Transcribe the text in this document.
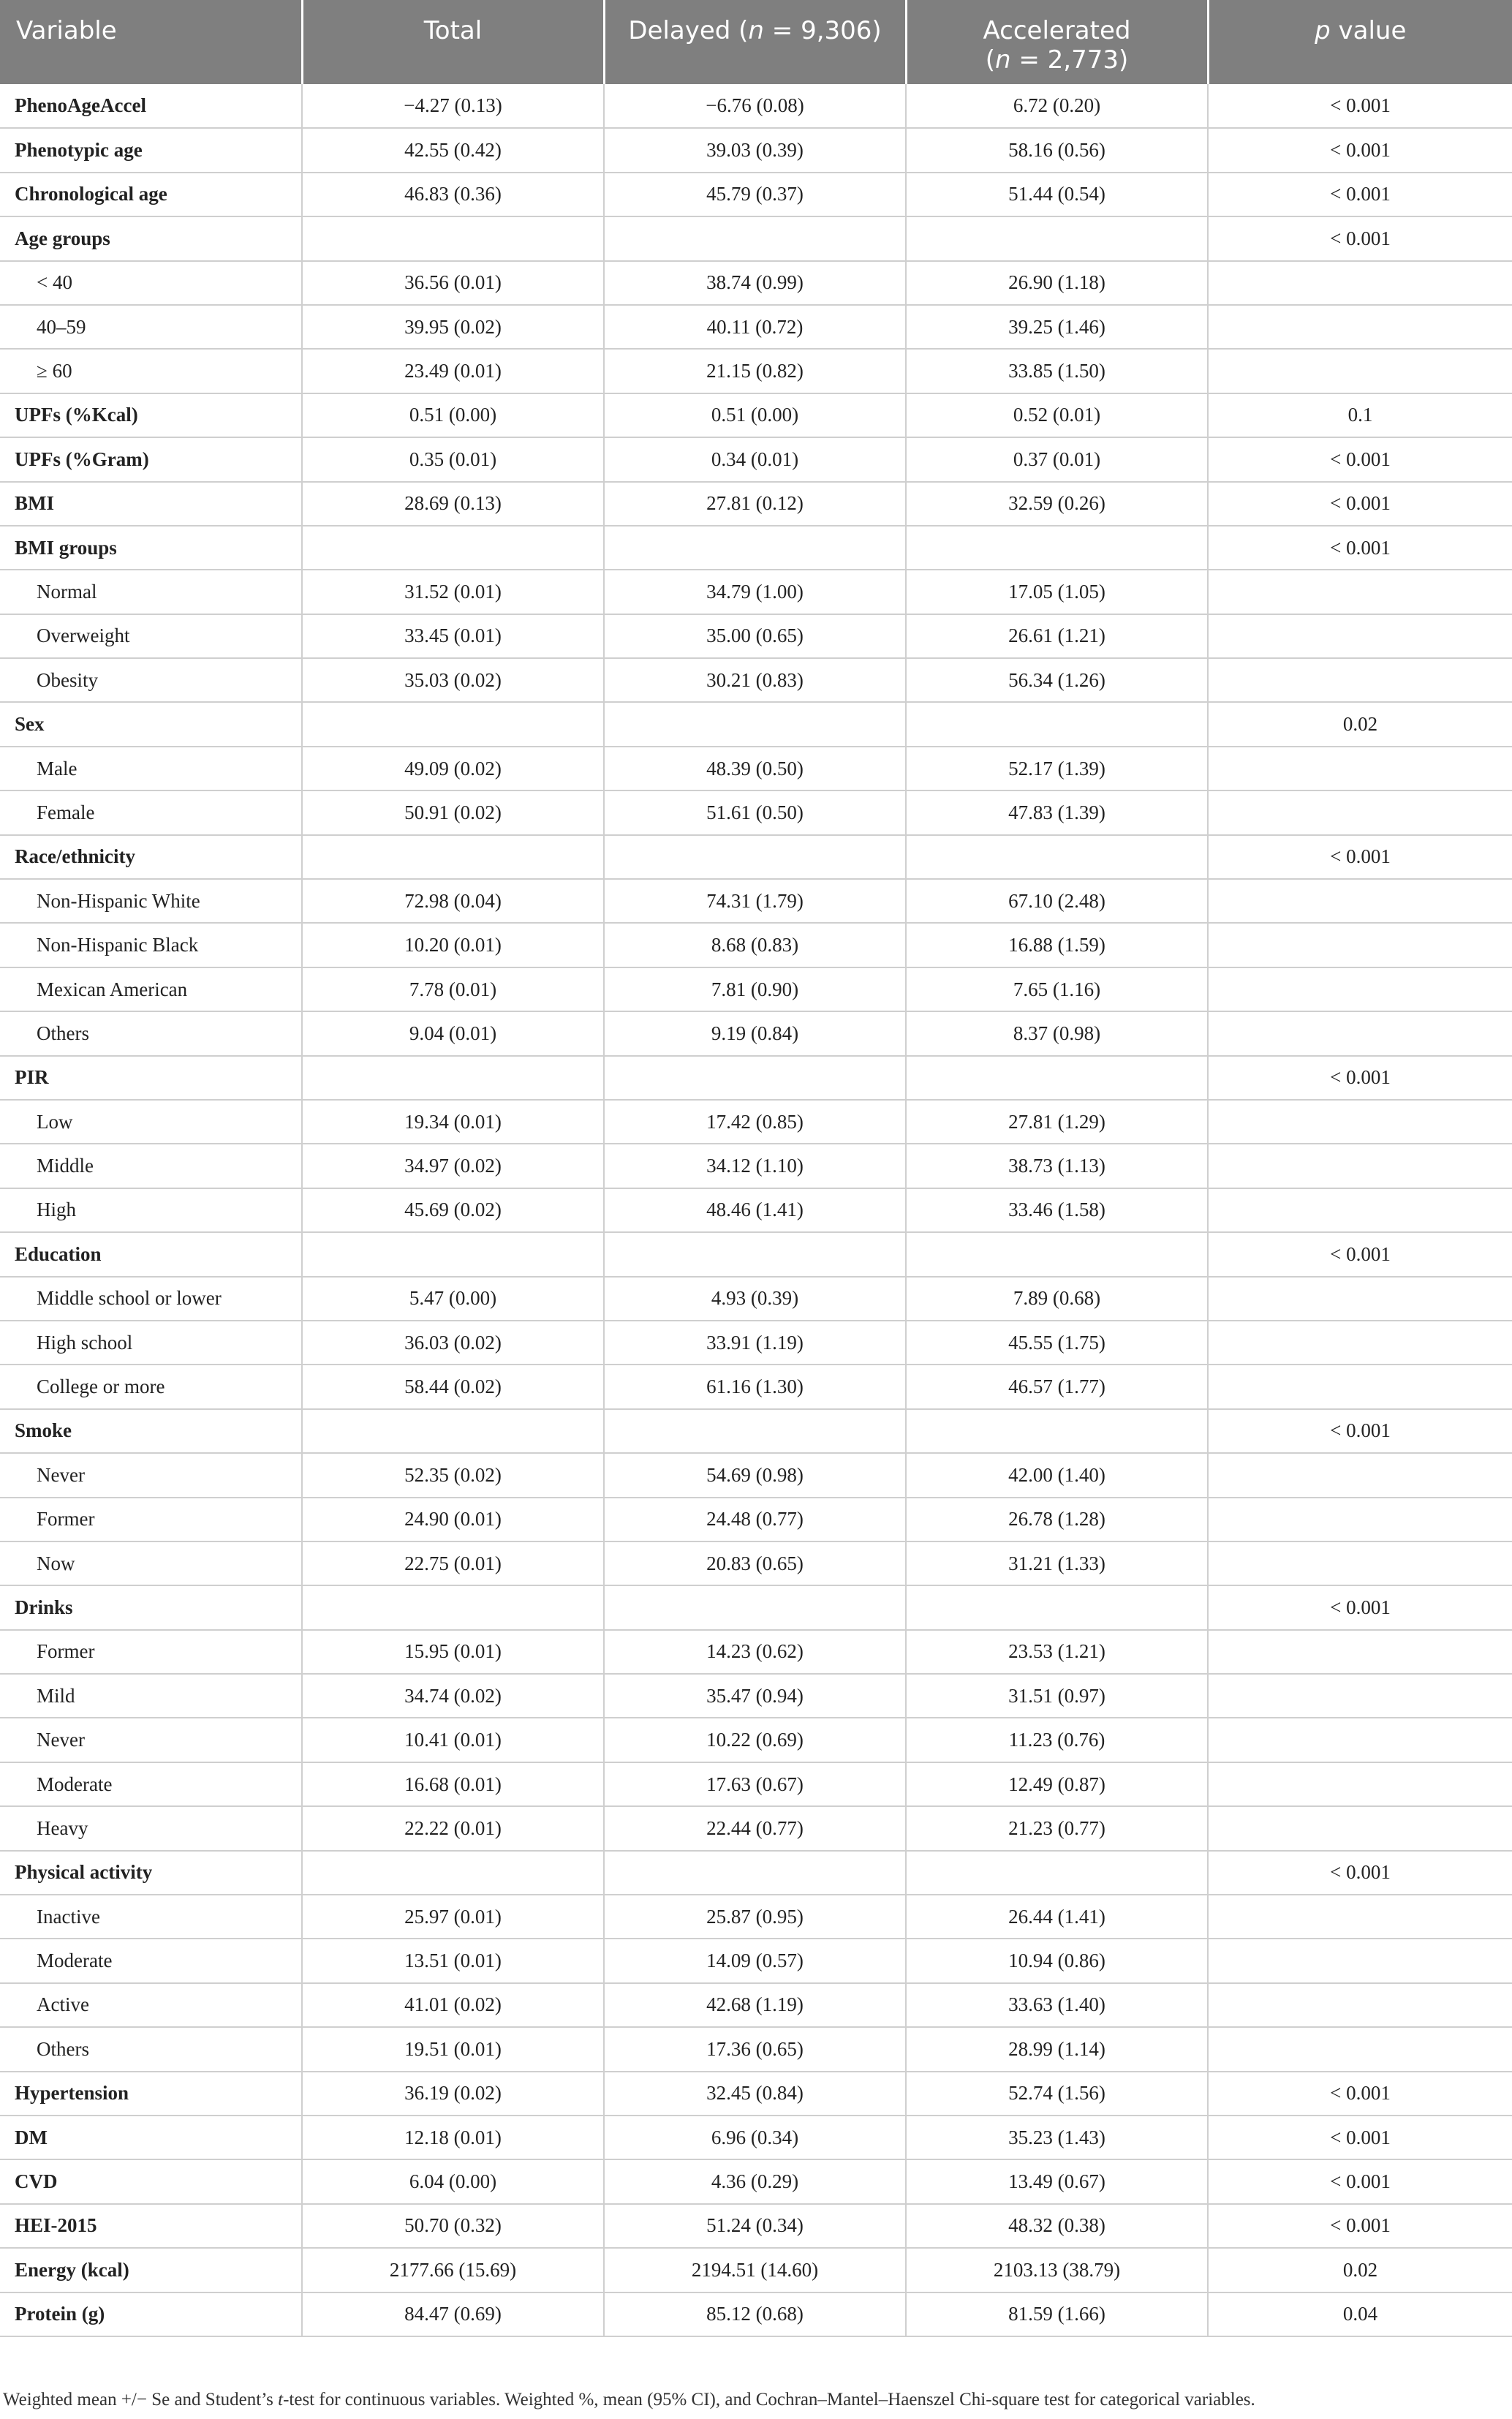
Variable	Total	Delayed (n = 9,306)	Accelerated
(n = 2,773)	p value
PhenoAgeAccel	−4.27 (0.13)	−6.76 (0.08)	6.72 (0.20)	< 0.001
Phenotypic age	42.55 (0.42)	39.03 (0.39)	58.16 (0.56)	< 0.001
Chronological age	46.83 (0.36)	45.79 (0.37)	51.44 (0.54)	< 0.001
Age groups				< 0.001
< 40	36.56 (0.01)	38.74 (0.99)	26.90 (1.18)	
40–59	39.95 (0.02)	40.11 (0.72)	39.25 (1.46)	
≥ 60	23.49 (0.01)	21.15 (0.82)	33.85 (1.50)	
UPFs (%Kcal)	0.51 (0.00)	0.51 (0.00)	0.52 (0.01)	0.1
UPFs (%Gram)	0.35 (0.01)	0.34 (0.01)	0.37 (0.01)	< 0.001
BMI	28.69 (0.13)	27.81 (0.12)	32.59 (0.26)	< 0.001
BMI groups				< 0.001
Normal	31.52 (0.01)	34.79 (1.00)	17.05 (1.05)	
Overweight	33.45 (0.01)	35.00 (0.65)	26.61 (1.21)	
Obesity	35.03 (0.02)	30.21 (0.83)	56.34 (1.26)	
Sex				0.02
Male	49.09 (0.02)	48.39 (0.50)	52.17 (1.39)	
Female	50.91 (0.02)	51.61 (0.50)	47.83 (1.39)	
Race/ethnicity				< 0.001
Non-Hispanic White	72.98 (0.04)	74.31 (1.79)	67.10 (2.48)	
Non-Hispanic Black	10.20 (0.01)	8.68 (0.83)	16.88 (1.59)	
Mexican American	7.78 (0.01)	7.81 (0.90)	7.65 (1.16)	
Others	9.04 (0.01)	9.19 (0.84)	8.37 (0.98)	
PIR				< 0.001
Low	19.34 (0.01)	17.42 (0.85)	27.81 (1.29)	
Middle	34.97 (0.02)	34.12 (1.10)	38.73 (1.13)	
High	45.69 (0.02)	48.46 (1.41)	33.46 (1.58)	
Education				< 0.001
Middle school or lower	5.47 (0.00)	4.93 (0.39)	7.89 (0.68)	
High school	36.03 (0.02)	33.91 (1.19)	45.55 (1.75)	
College or more	58.44 (0.02)	61.16 (1.30)	46.57 (1.77)	
Smoke				< 0.001
Never	52.35 (0.02)	54.69 (0.98)	42.00 (1.40)	
Former	24.90 (0.01)	24.48 (0.77)	26.78 (1.28)	
Now	22.75 (0.01)	20.83 (0.65)	31.21 (1.33)	
Drinks				< 0.001
Former	15.95 (0.01)	14.23 (0.62)	23.53 (1.21)	
Mild	34.74 (0.02)	35.47 (0.94)	31.51 (0.97)	
Never	10.41 (0.01)	10.22 (0.69)	11.23 (0.76)	
Moderate	16.68 (0.01)	17.63 (0.67)	12.49 (0.87)	
Heavy	22.22 (0.01)	22.44 (0.77)	21.23 (0.77)	
Physical activity				< 0.001
Inactive	25.97 (0.01)	25.87 (0.95)	26.44 (1.41)	
Moderate	13.51 (0.01)	14.09 (0.57)	10.94 (0.86)	
Active	41.01 (0.02)	42.68 (1.19)	33.63 (1.40)	
Others	19.51 (0.01)	17.36 (0.65)	28.99 (1.14)	
Hypertension	36.19 (0.02)	32.45 (0.84)	52.74 (1.56)	< 0.001
DM	12.18 (0.01)	6.96 (0.34)	35.23 (1.43)	< 0.001
CVD	6.04 (0.00)	4.36 (0.29)	13.49 (0.67)	< 0.001
HEI-2015	50.70 (0.32)	51.24 (0.34)	48.32 (0.38)	< 0.001
Energy (kcal)	2177.66 (15.69)	2194.51 (14.60)	2103.13 (38.79)	0.02
Protein (g)	84.47 (0.69)	85.12 (0.68)	81.59 (1.66)	0.04
Weighted mean +/− Se and Student’s t-test for continuous variables. Weighted %, mean (95% CI), and Cochran–Mantel–Haenszel Chi-square test for categorical variables.
